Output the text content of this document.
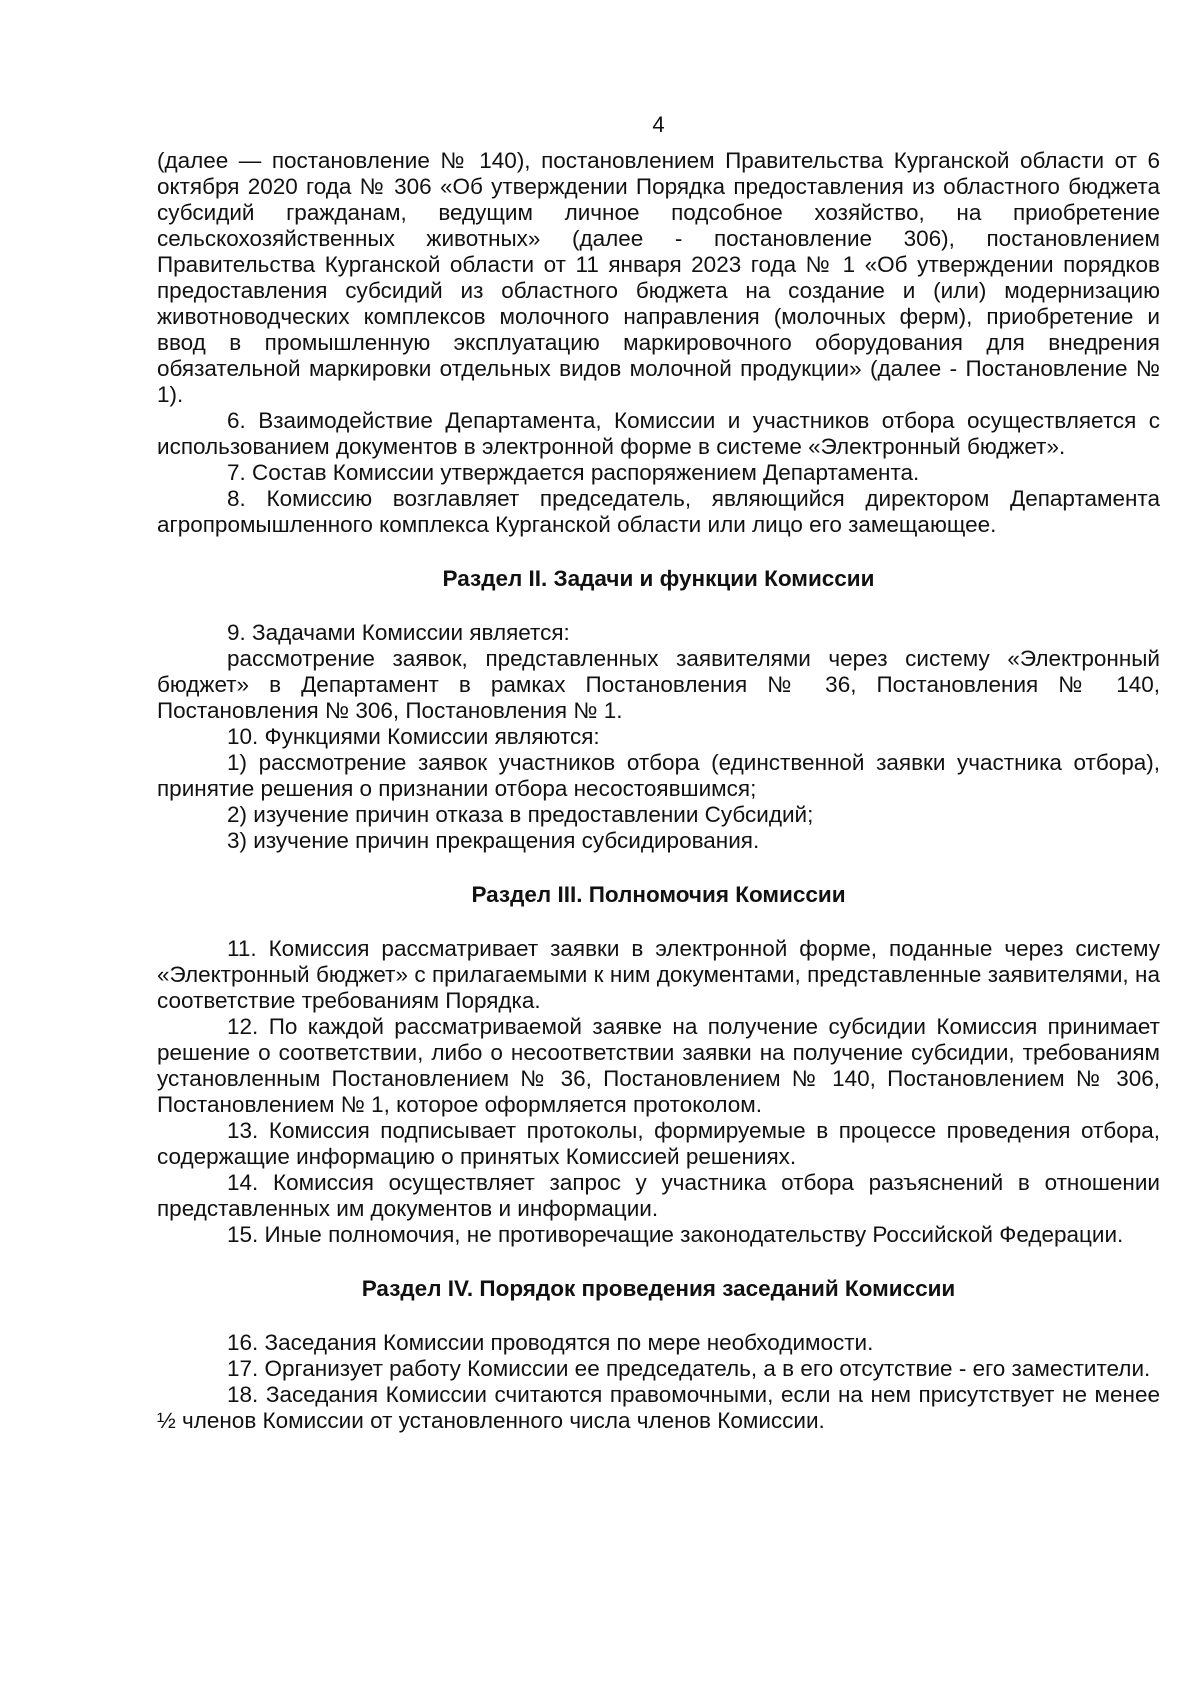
4

(далее — постановление № 140), постановлением Правительства Курганской области от 6 октября 2020 года № 306 «Об утверждении Порядка предоставления из областного бюджета субсидий гражданам, ведущим личное подсобное хозяйство, на приобретение сельскохозяйственных животных» (далее - постановление 306), постановлением Правительства Курганской области от 11 января 2023 года № 1 «Об утверждении порядков предоставления субсидий из областного бюджета на создание и (или) модернизацию животноводческих комплексов молочного направления (молочных ферм), приобретение и ввод в промышленную эксплуатацию маркировочного оборудования для внедрения обязательной маркировки отдельных видов молочной продукции» (далее - Постановление № 1).

6. Взаимодействие Департамента, Комиссии и участников отбора осуществляется с использованием документов в электронной форме в системе «Электронный бюджет».

7. Состав Комиссии утверждается распоряжением Департамента.

8. Комиссию возглавляет председатель, являющийся директором Департамента агропромышленного комплекса Курганской области или лицо его замещающее.

Раздел II. Задачи и функции Комиссии

9. Задачами Комиссии является:

рассмотрение заявок, представленных заявителями через систему «Электронный бюджет» в Департамент в рамках Постановления № 36, Постановления № 140, Постановления № 306, Постановления № 1.

10. Функциями Комиссии являются:

1) рассмотрение заявок участников отбора (единственной заявки участника отбора), принятие решения о признании отбора несостоявшимся;

2) изучение причин отказа в предоставлении Субсидий;

3) изучение причин прекращения субсидирования.

Раздел III. Полномочия Комиссии

11. Комиссия рассматривает заявки в электронной форме, поданные через систему «Электронный бюджет» с прилагаемыми к ним документами, представленные заявителями, на соответствие требованиям Порядка.

12. По каждой рассматриваемой заявке на получение субсидии Комиссия принимает решение о соответствии, либо о несоответствии заявки на получение субсидии, требованиям установленным Постановлением № 36, Постановлением № 140, Постановлением № 306, Постановлением № 1, которое оформляется протоколом.

13. Комиссия подписывает протоколы, формируемые в процессе проведения отбора, содержащие информацию о принятых Комиссией решениях.

14. Комиссия осуществляет запрос у участника отбора разъяснений в отношении представленных им документов и информации.

15. Иные полномочия, не противоречащие законодательству Российской Федерации.

Раздел IV. Порядок проведения заседаний Комиссии

16. Заседания Комиссии проводятся по мере необходимости.

17. Организует работу Комиссии ее председатель, а в его отсутствие - его заместители.

18. Заседания Комиссии считаются правомочными, если на нем присутствует не менее ½ членов Комиссии от установленного числа членов Комиссии.
